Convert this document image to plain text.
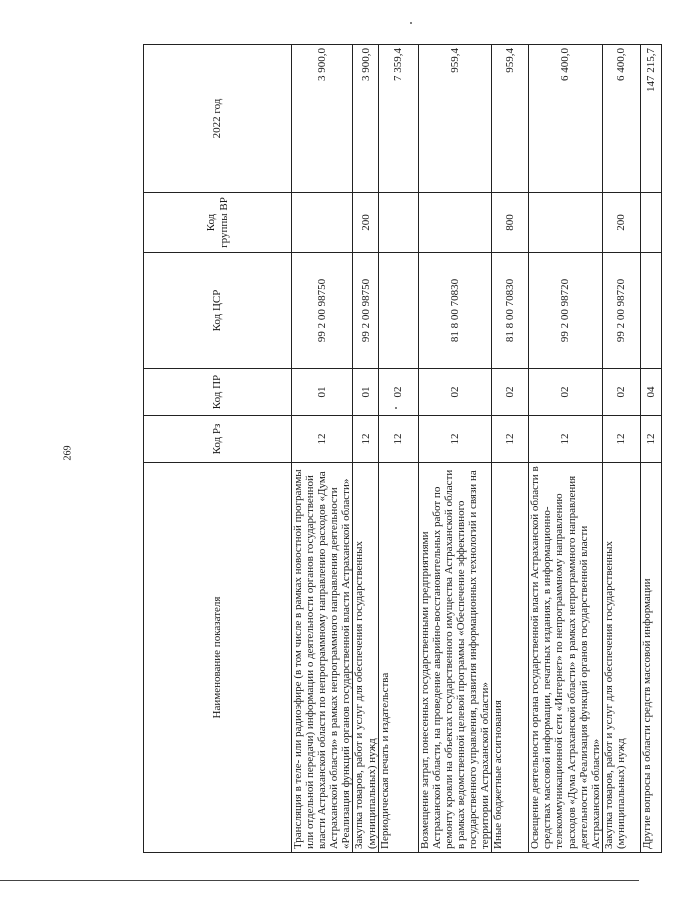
269
Наименование показателя	Код Рз	Код ПР	Код ЦСР	Код группы ВР	2022 год
Трансляция в теле- или радиоэфире (в том числе в рамках новостной программы или отдельной передачи) информации о деятельности органов государственной власти Астраханской области по непрограммному направлению расходов «Дума Астраханской области» в рамках непрограммного направления деятельности «Реализация функций органов государственной власти Астраханской области»	12	01	99 2 00 98750		3 900,0
Закупка товаров, работ и услуг для обеспечения государственных (муниципальных) нужд	12	01	99 2 00 98750	200	3 900,0
Периодическая печать и издательства	12	02			7 359,4
Возмещение затрат, понесенных государственными предприятиями Астраханской области, на проведение аварийно-восстановительных работ по ремонту кровли на объектах государственного имущества Астраханской области в рамках ведомственной целевой программы «Обеспечение эффективного государственного управления, развития информационных технологий и связи на территории Астраханской области»	12	02	81 8 00 70830		959,4
Иные бюджетные ассигнования	12	02	81 8 00 70830	800	959,4
Освещение деятельности органа государственной власти Астраханской области в средствах массовой информации, печатных изданиях, в информационно-телекоммуникационной сети «Интернет» по непрограммному направлению расходов «Дума Астраханской области» в рамках непрограммного направления деятельности «Реализация функций органов государственной власти Астраханской области»	12	02	99 2 00 98720		6 400,0
Закупка товаров, работ и услуг для обеспечения государственных (муниципальных) нужд	12	02	99 2 00 98720	200	6 400,0
Другие вопросы в области средств массовой информации	12	04			147 215,7
